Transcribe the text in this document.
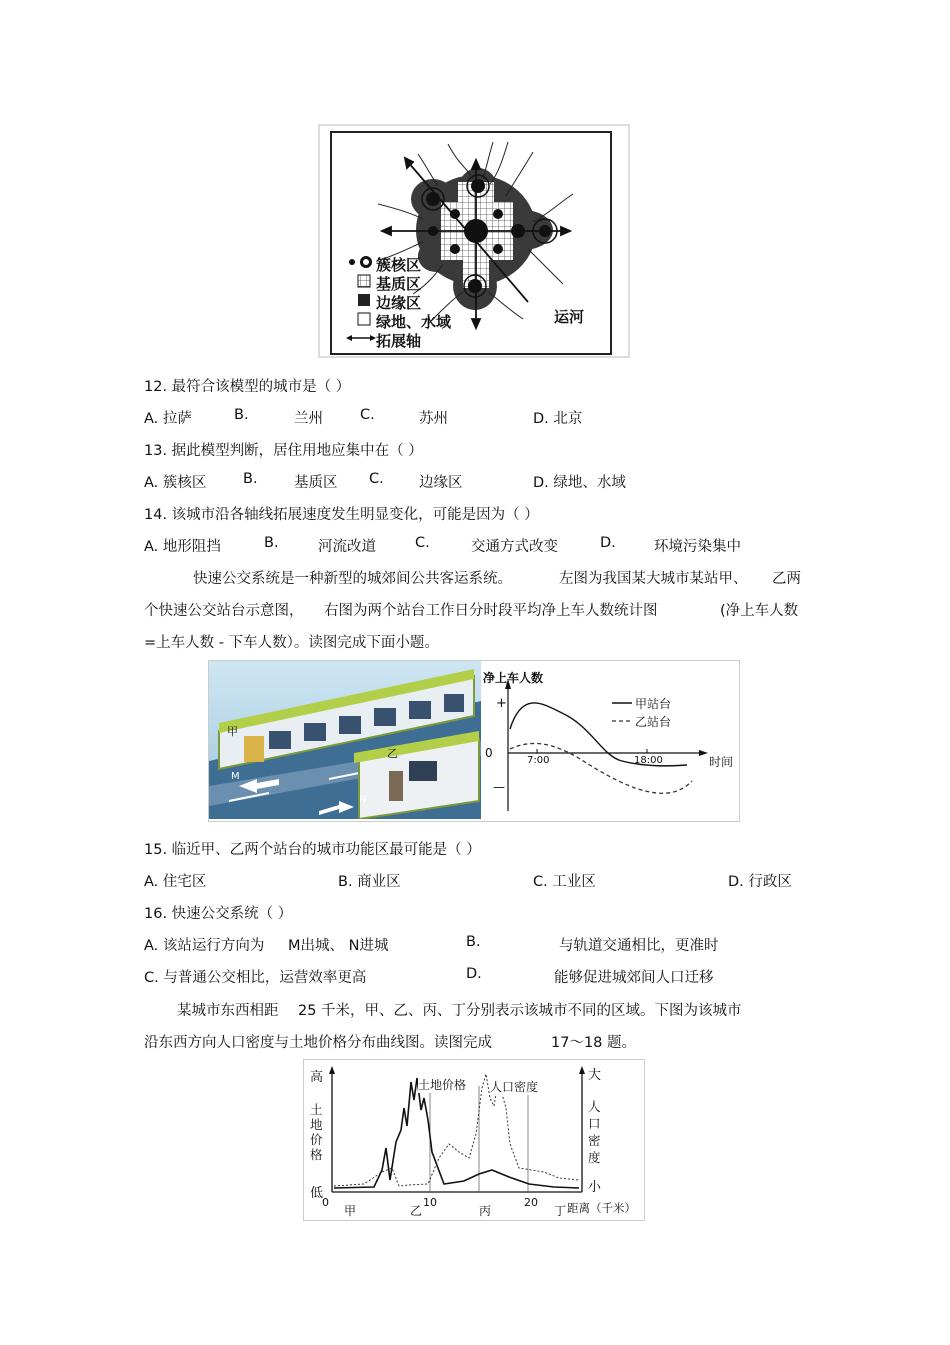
簇核区
基质区
边缘区
绿地、水域
拓展轴
运河
12. 最符合该模型的城市是（ ）
A. 拉萨	B.	兰州	C.	苏州	D. 北京
13. 据此模型判断，居住用地应集中在（ ）
A. 簇核区	B.	基质区 C. 边缘区	D. 绿地、水域
14. 该城市沿各轴线拓展速度发生明显变化，可能是因为（ ）
A. 地形阻挡	B.	河流改道	C.	交通方式改变	D.	环境污染集中
快速公交系统是一种新型的城郊间公共客运系统。	左图为我国某大城市某站甲、 乙两
个快速公交站台示意图， 右图为两个站台工作日分时段平均净上车人数统计图	(净上车人数
=上车人数 - 下车人数）。读图完成下面小题。
甲
乙
M
N
净上车人数
+
0
—
7:00	18:00	时间
甲站台
乙站台
15. 临近甲、乙两个站台的城市功能区最可能是（ ）
A. 住宅区	B. 商业区	C. 工业区	D. 行政区
16. 快速公交系统（ ）
A. 该站运行方向为 M出城、 N进城	B.	与轨道交通相比，更准时
C. 与普通公交相比，运营效率更高	D.	能够促进城郊间人口迁移
某城市东西相距 25 千米，甲、乙、丙、丁分别表示该城市不同的区域。下图为该城市
沿东西方向人口密度与土地价格分布曲线图。读图完成	17～18 题。
高
土地价格
低
大
人口密度
小
0	10	20
甲	乙	丙	丁 距离（千米）
土地价格 人口密度
